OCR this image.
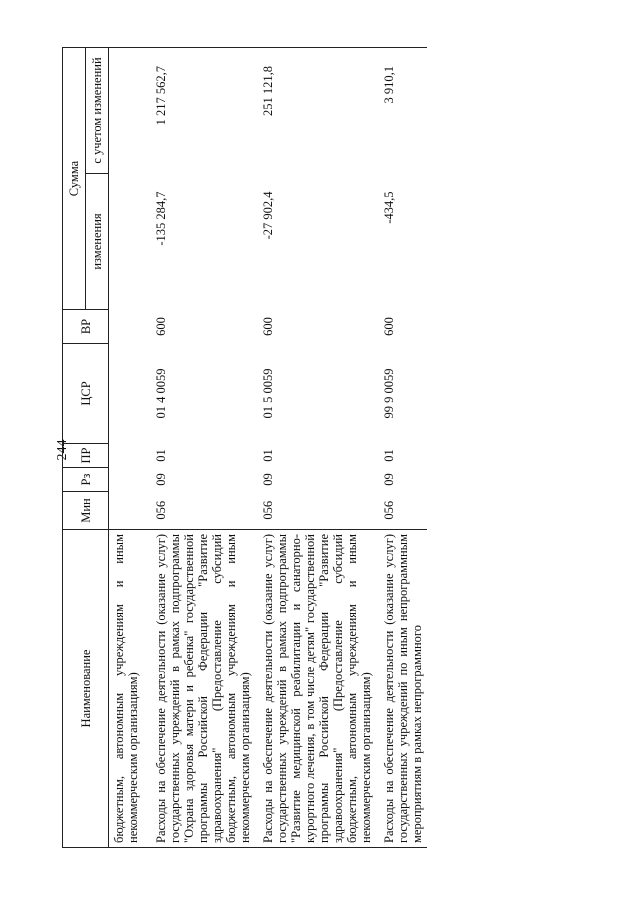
244
Наименование	Мин	Рз	ПР	ЦСР	ВР	Сумма	
						изменения	с учетом изменений
бюджетным, автономным учреждениям и иным некоммерческим организациям)							
Расходы на обеспечение деятельности (оказание услуг) государственных учреждений в рамках подпрограммы "Охрана здоровья матери и ребенка" государственной программы Российской Федерации "Развитие здравоохранения" (Предоставление субсидий бюджетным, автономным учреждениям и иным некоммерческим организациям)	056	09	01	01 4 0059	600	-135 284,7	1 217 562,7
Расходы на обеспечение деятельности (оказание услуг) государственных учреждений в рамках подпрограммы "Развитие медицинской реабилитации и санаторно-курортного лечения, в том числе детям" государственной программы Российской Федерации "Развитие здравоохранения" (Предоставление субсидий бюджетным, автономным учреждениям и иным некоммерческим организациям)	056	09	01	01 5 0059	600	-27 902,4	251 121,8
Расходы на обеспечение деятельности (оказание услуг) государственных учреждений по иным непрограммным мероприятиям в рамках непрограммного	056	09	01	99 9 0059	600	-434,5	3 910,1
